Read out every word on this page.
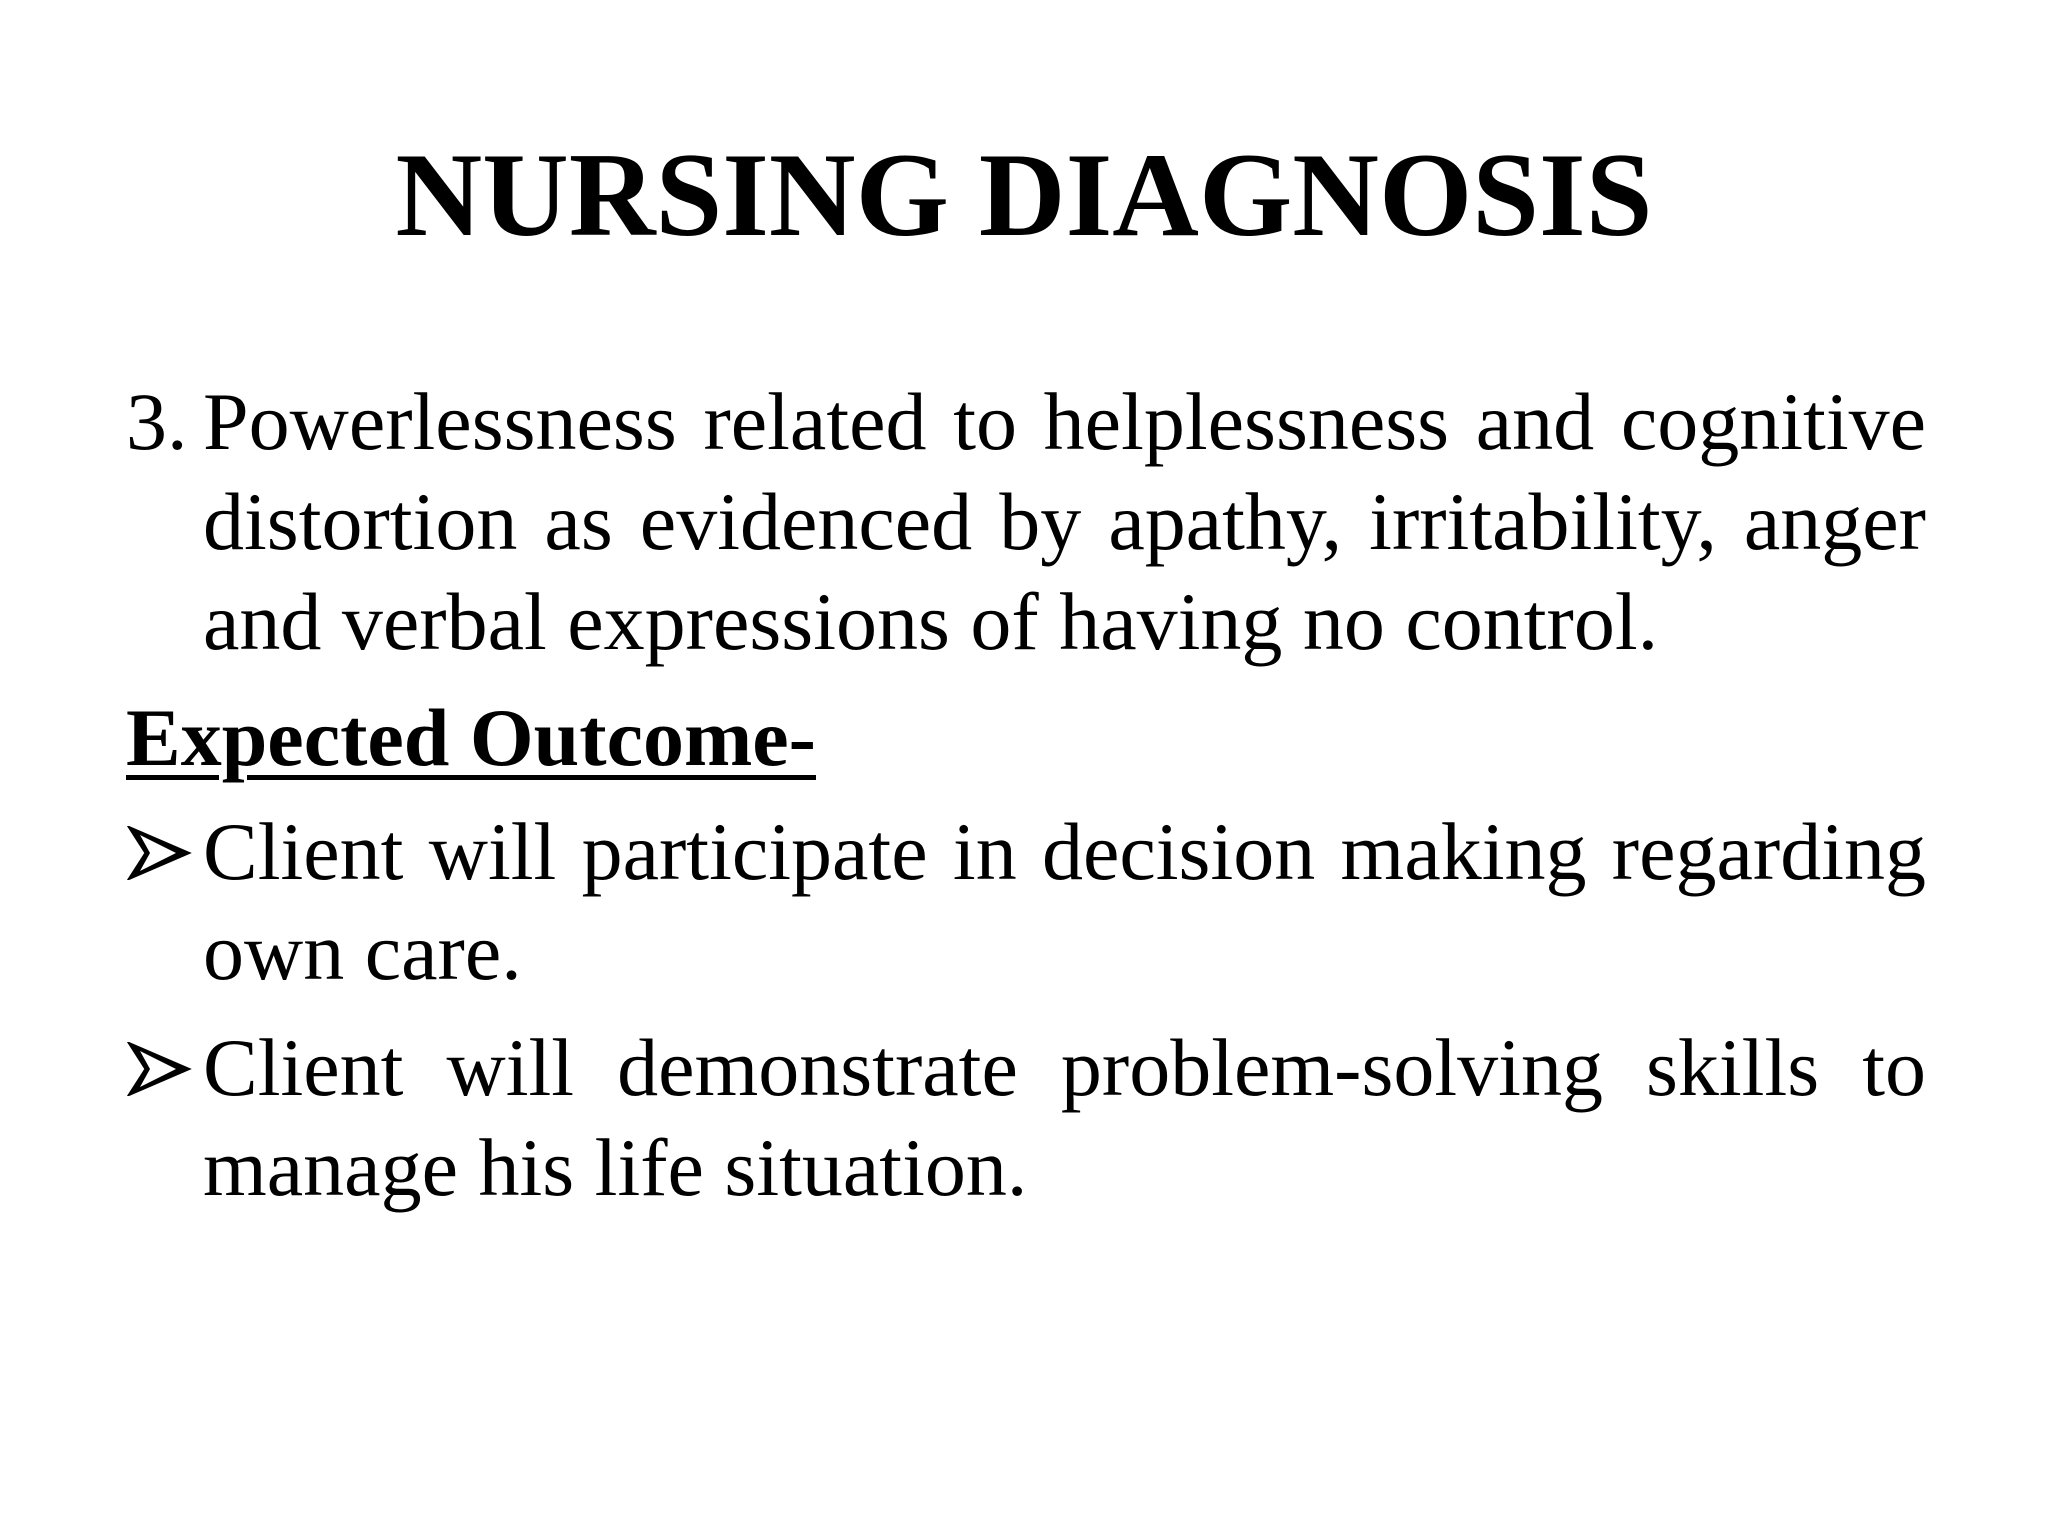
NURSING DIAGNOSIS

3. Powerlessness related to helplessness and cognitive distortion as evidenced by apathy, irritability, anger and verbal expressions of having no control.

Expected Outcome-

Client will participate in decision making regarding own care.

Client will demonstrate problem-solving skills to manage his life situation.
